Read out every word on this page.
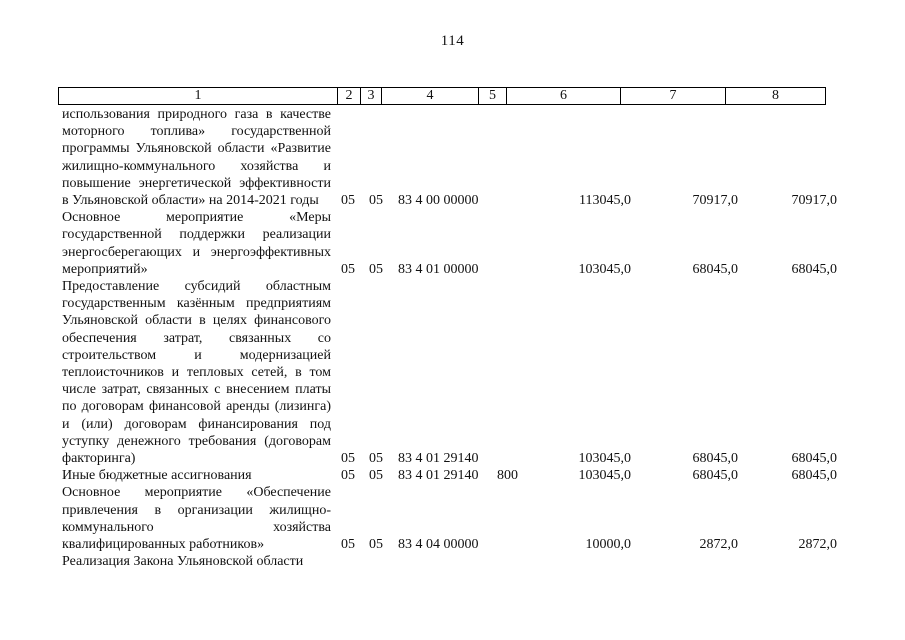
114
1	2	3	4	5	6	7	8
использования природного газа в качестве моторного топлива» государственной программы Ульяновской области «Развитие жилищно-коммунального хозяйства и повышение энергетической эффективности в Ульяновской области» на 2014-2021 годы	05 05 83 4 00 00000	113045,0	70917,0	70917,0
Основное мероприятие «Меры государственной поддержки реализации энергосберегающих и энергоэффективных мероприятий»	05 05 83 4 01 00000	103045,0	68045,0	68045,0
Предоставление субсидий областным государственным казённым предприятиям Ульяновской области в целях финансового обеспечения затрат, связанных со строительством и модернизацией теплоисточников и тепловых сетей, в том числе затрат, связанных с внесением платы по договорам финансовой аренды (лизинга) и (или) договорам финансирования под уступку денежного требования (договорам факторинга)	05 05 83 4 01 29140	103045,0	68045,0	68045,0
Иные бюджетные ассигнования	05 05 83 4 01 29140 800	103045,0	68045,0	68045,0
Основное мероприятие «Обеспечение привлечения в организации жилищно-коммунального хозяйства квалифицированных работников»	05 05 83 4 04 00000	10000,0	2872,0	2872,0
Реализация Закона Ульяновской области
